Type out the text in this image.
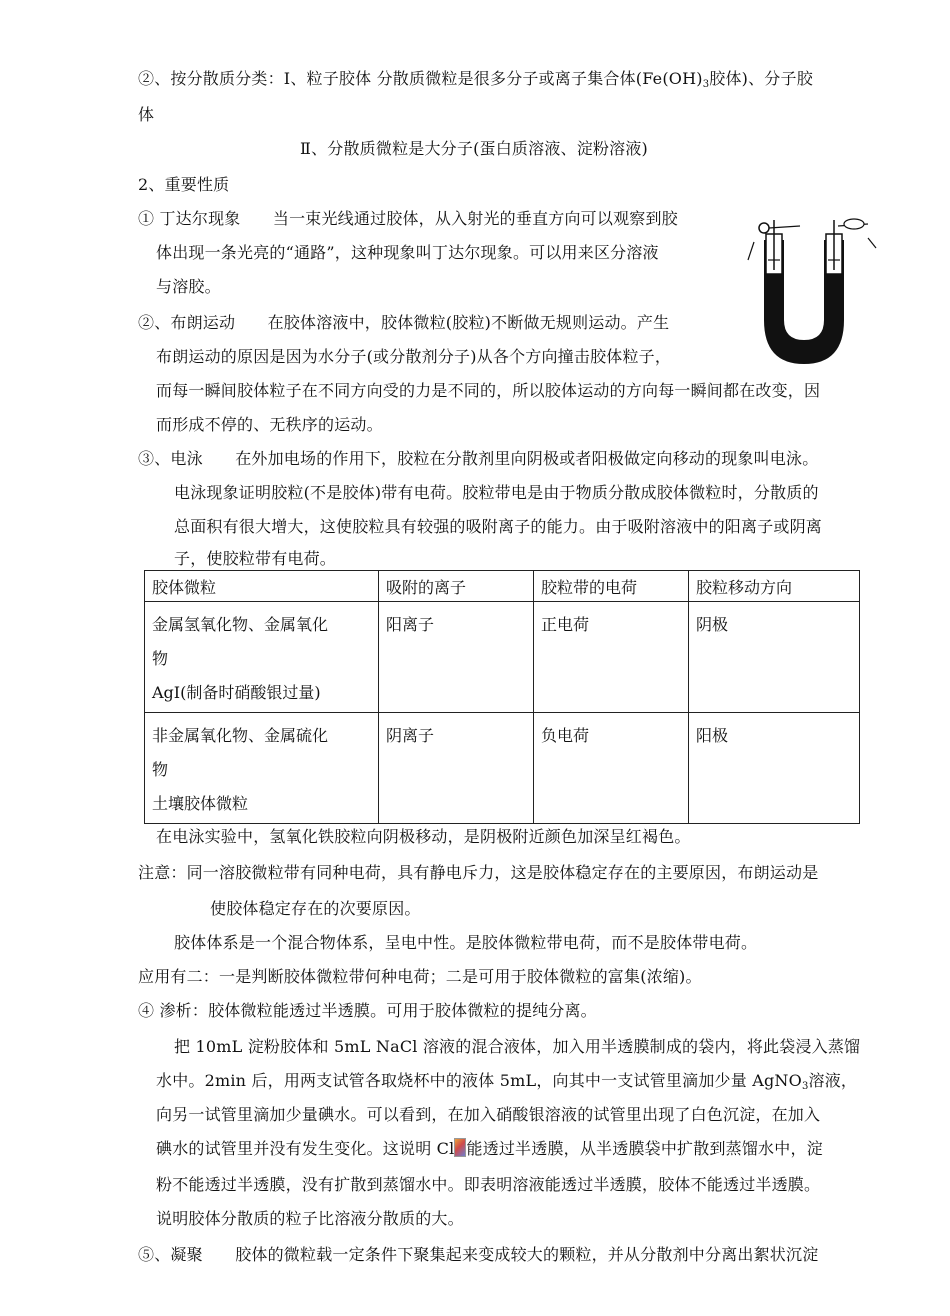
②、按分散质分类：Ⅰ、粒子胶体 分散质微粒是很多分子或离子集合体($Fe(OH)_3$胶体)、分子胶
体
Ⅱ、分散质微粒是大分子(蛋白质溶液、淀粉溶液)
2、重要性质
① 丁达尔现象　　当一束光线通过胶体，从入射光的垂直方向可以观察到胶
体出现一条光亮的“通路”，这种现象叫丁达尔现象。可以用来区分溶液
与溶胶。
②、布朗运动　　在胶体溶液中，胶体微粒(胶粒)不断做无规则运动。产生
布朗运动的原因是因为水分子(或分散剂分子)从各个方向撞击胶体粒子，
而每一瞬间胶体粒子在不同方向受的力是不同的，所以胶体运动的方向每一瞬间都在改变，因
而形成不停的、无秩序的运动。
③、电泳　　在外加电场的作用下，胶粒在分散剂里向阴极或者阳极做定向移动的现象叫电泳。
电泳现象证明胶粒(不是胶体)带有电荷。胶粒带电是由于物质分散成胶体微粒时，分散质的
总面积有很大增大，这使胶粒具有较强的吸附离子的能力。由于吸附溶液中的阳离子或阴离
子，使胶粒带有电荷。
胶体微粒	吸附的离子	胶粒带的电荷	胶粒移动方向
金属氢氧化物、金属氧化
物
AgI(制备时硝酸银过量)	阳离子	正电荷	阴极
非金属氧化物、金属硫化
物
土壤胶体微粒	阴离子	负电荷	阳极
在电泳实验中，氢氧化铁胶粒向阴极移动，是阴极附近颜色加深呈红褐色。
注意：同一溶胶微粒带有同种电荷，具有静电斥力，这是胶体稳定存在的主要原因，布朗运动是
使胶体稳定存在的次要原因。
胶体体系是一个混合物体系，呈电中性。是胶体微粒带电荷，而不是胶体带电荷。
应用有二：一是判断胶体微粒带何种电荷；二是可用于胶体微粒的富集(浓缩)。
④ 渗析：胶体微粒能透过半透膜。可用于胶体微粒的提纯分离。
把 10mL 淀粉胶体和 5mL NaCl 溶液的混合液体，加入用半透膜制成的袋内，将此袋浸入蒸馏
水中。2min 后，用两支试管各取烧杯中的液体 5mL，向其中一支试管里滴加少量 AgNO$_3$溶液，
向另一试管里滴加少量碘水。可以看到，在加入硝酸银溶液的试管里出现了白色沉淀，在加入
碘水的试管里并没有发生变化。这说明 Cl 能透过半透膜，从半透膜袋中扩散到蒸馏水中，淀
粉不能透过半透膜，没有扩散到蒸馏水中。即表明溶液能透过半透膜，胶体不能透过半透膜。
说明胶体分散质的粒子比溶液分散质的大。
⑤、凝聚　　胶体的微粒载一定条件下聚集起来变成较大的颗粒，并从分散剂中分离出絮状沉淀
